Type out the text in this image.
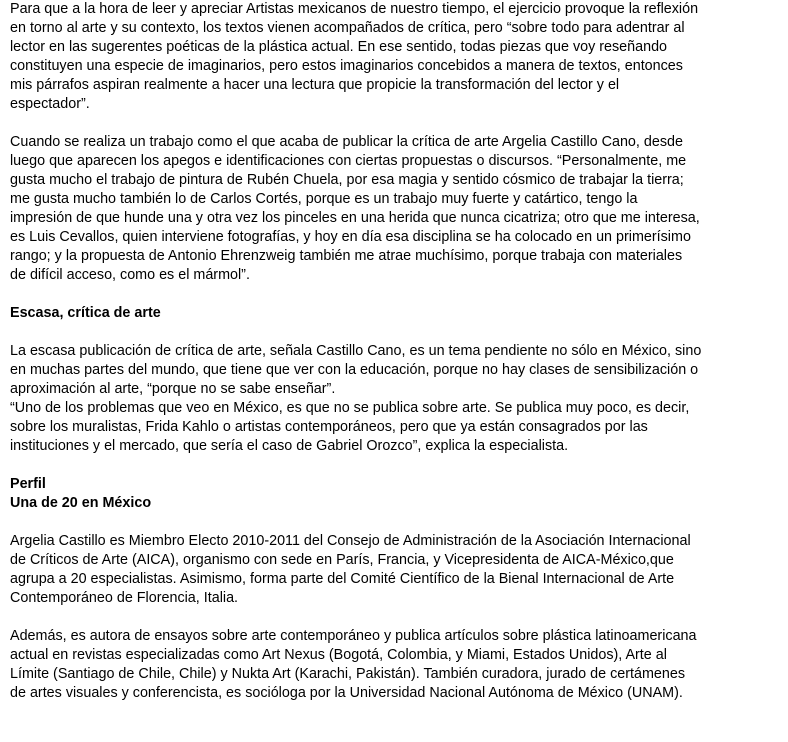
Para que a la hora de leer y apreciar Artistas mexicanos de nuestro tiempo, el ejercicio provoque la reflexión
en torno al arte y su contexto, los textos vienen acompañados de crítica, pero “sobre todo para adentrar al
lector en las sugerentes poéticas de la plástica actual. En ese sentido, todas piezas que voy reseñando
constituyen una especie de imaginarios, pero estos imaginarios concebidos a manera de textos, entonces
mis párrafos aspiran realmente a hacer una lectura que propicie la transformación del lector y el
espectador”.

Cuando se realiza un trabajo como el que acaba de publicar la crítica de arte Argelia Castillo Cano, desde
luego que aparecen los apegos e identificaciones con ciertas propuestas o discursos. “Personalmente, me
gusta mucho el trabajo de pintura de Rubén Chuela, por esa magia y sentido cósmico de trabajar la tierra;
me gusta mucho también lo de Carlos Cortés, porque es un trabajo muy fuerte y catártico, tengo la
impresión de que hunde una y otra vez los pinceles en una herida que nunca cicatriza; otro que me interesa,
es Luis Cevallos, quien interviene fotografías, y hoy en día esa disciplina se ha colocado en un primerísimo
rango; y la propuesta de Antonio Ehrenzweig también me atrae muchísimo, porque trabaja con materiales
de difícil acceso, como es el mármol”.

Escasa, crítica de arte

La escasa publicación de crítica de arte, señala Castillo Cano, es un tema pendiente no sólo en México, sino
en muchas partes del mundo, que tiene que ver con la educación, porque no hay clases de sensibilización o
aproximación al arte, “porque no se sabe enseñar”.

“Uno de los problemas que veo en México, es que no se publica sobre arte. Se publica muy poco, es decir,
sobre los muralistas, Frida Kahlo o artistas contemporáneos, pero que ya están consagrados por las
instituciones y el mercado, que sería el caso de Gabriel Orozco”, explica la especialista.

Perfil

Una de 20 en México

Argelia Castillo es Miembro Electo 2010-2011 del Consejo de Administración de la Asociación Internacional
de Críticos de Arte (AICA), organismo con sede en París, Francia, y Vicepresidenta de AICA-México,que
agrupa a 20 especialistas. Asimismo, forma parte del Comité Científico de la Bienal Internacional de Arte
Contemporáneo de Florencia, Italia.

Además, es autora de ensayos sobre arte contemporáneo y publica artículos sobre plástica latinoamericana
actual en revistas especializadas como Art Nexus (Bogotá, Colombia, y Miami, Estados Unidos), Arte al
Límite (Santiago de Chile, Chile) y Nukta Art (Karachi, Pakistán). También curadora, jurado de certámenes
de artes visuales y conferencista, es socióloga por la Universidad Nacional Autónoma de México (UNAM).
